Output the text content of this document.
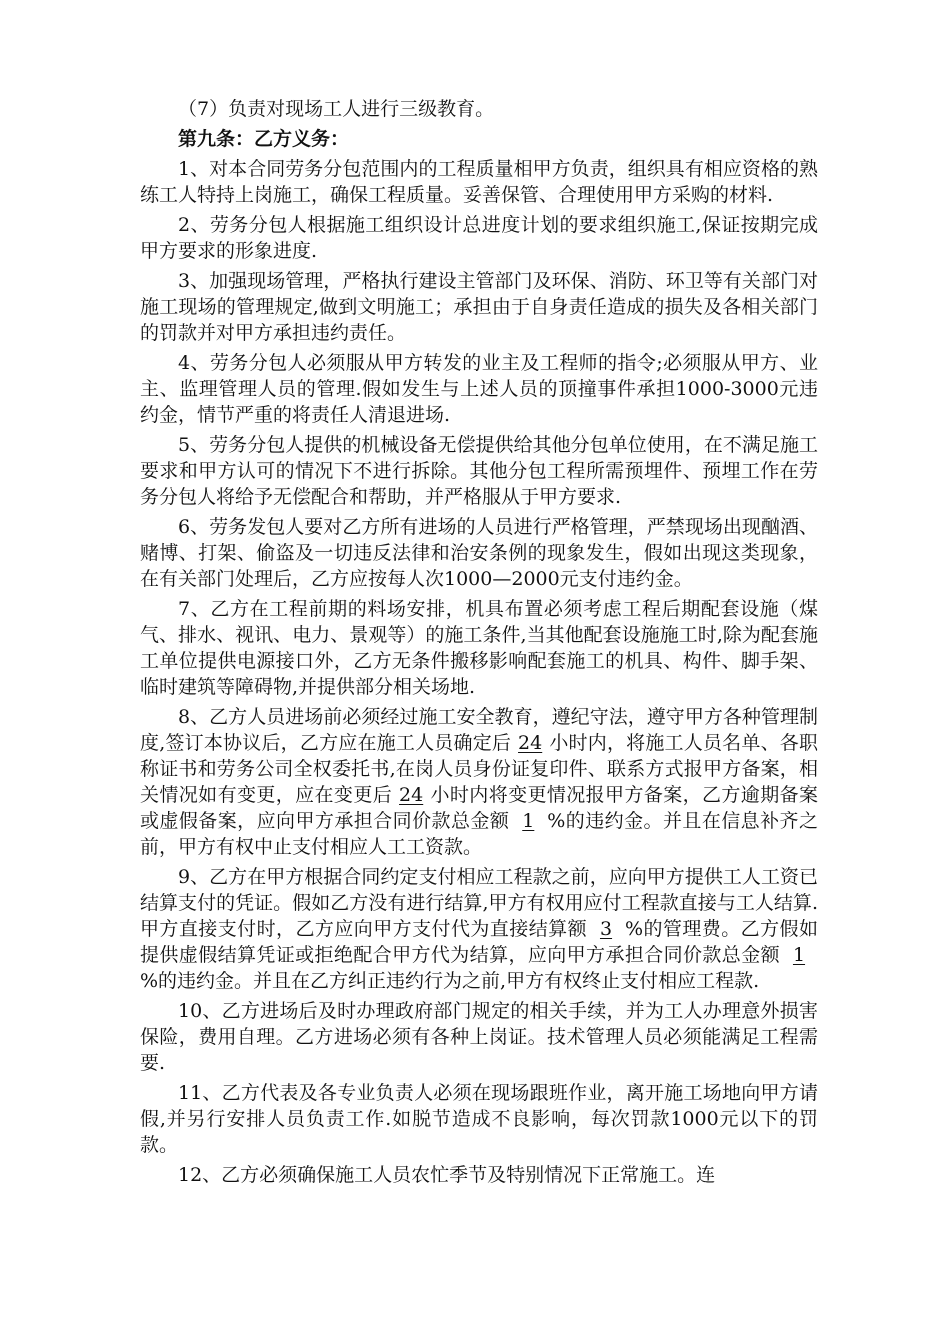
（7）负责对现场工人进行三级教育。

第九条：乙方义务：

1、对本合同劳务分包范围内的工程质量相甲方负责，组织具有相应资格的熟练工人特持上岗施工，确保工程质量。妥善保管、合理使用甲方采购的材料.

2、劳务分包人根据施工组织设计总进度计划的要求组织施工,保证按期完成甲方要求的形象进度.

3、加强现场管理，严格执行建设主管部门及环保、消防、环卫等有关部门对施工现场的管理规定,做到文明施工；承担由于自身责任造成的损失及各相关部门的罚款并对甲方承担违约责任。

4、劳务分包人必须服从甲方转发的业主及工程师的指令;必须服从甲方、业主、监理管理人员的管理.假如发生与上述人员的顶撞事件承担1000-3000元违约金，情节严重的将责任人清退进场.

5、劳务分包人提供的机械设备无偿提供给其他分包单位使用，在不满足施工要求和甲方认可的情况下不进行拆除。其他分包工程所需预埋件、预埋工作在劳务分包人将给予无偿配合和帮助，并严格服从于甲方要求.

6、劳务发包人要对乙方所有进场的人员进行严格管理，严禁现场出现酗酒、赌博、打架、偷盗及一切违反法律和治安条例的现象发生，假如出现这类现象，在有关部门处理后，乙方应按每人次1000—2000元支付违约金。

7、乙方在工程前期的料场安排，机具布置必须考虑工程后期配套设施（煤气、排水、视讯、电力、景观等）的施工条件,当其他配套设施施工时,除为配套施工单位提供电源接口外，乙方无条件搬移影响配套施工的机具、构件、脚手架、临时建筑等障碍物,并提供部分相关场地.

8、乙方人员进场前必须经过施工安全教育，遵纪守法，遵守甲方各种管理制度,签订本协议后，乙方应在施工人员确定后 24 小时内，将施工人员名单、各职称证书和劳务公司全权委托书,在岗人员身份证复印件、联系方式报甲方备案，相关情况如有变更，应在变更后 24 小时内将变更情况报甲方备案，乙方逾期备案或虚假备案，应向甲方承担合同价款总金额 1 %的违约金。并且在信息补齐之前，甲方有权中止支付相应人工工资款。

9、乙方在甲方根据合同约定支付相应工程款之前，应向甲方提供工人工资已结算支付的凭证。假如乙方没有进行结算,甲方有权用应付工程款直接与工人结算.甲方直接支付时，乙方应向甲方支付代为直接结算额 3 %的管理费。乙方假如提供虚假结算凭证或拒绝配合甲方代为结算，应向甲方承担合同价款总金额 1%的违约金。并且在乙方纠正违约行为之前,甲方有权终止支付相应工程款.

10、乙方进场后及时办理政府部门规定的相关手续，并为工人办理意外损害保险，费用自理。乙方进场必须有各种上岗证。技术管理人员必须能满足工程需要.

11、乙方代表及各专业负责人必须在现场跟班作业，离开施工场地向甲方请假,并另行安排人员负责工作.如脱节造成不良影响，每次罚款1000元以下的罚款。

12、乙方必须确保施工人员农忙季节及特别情况下正常施工。连
